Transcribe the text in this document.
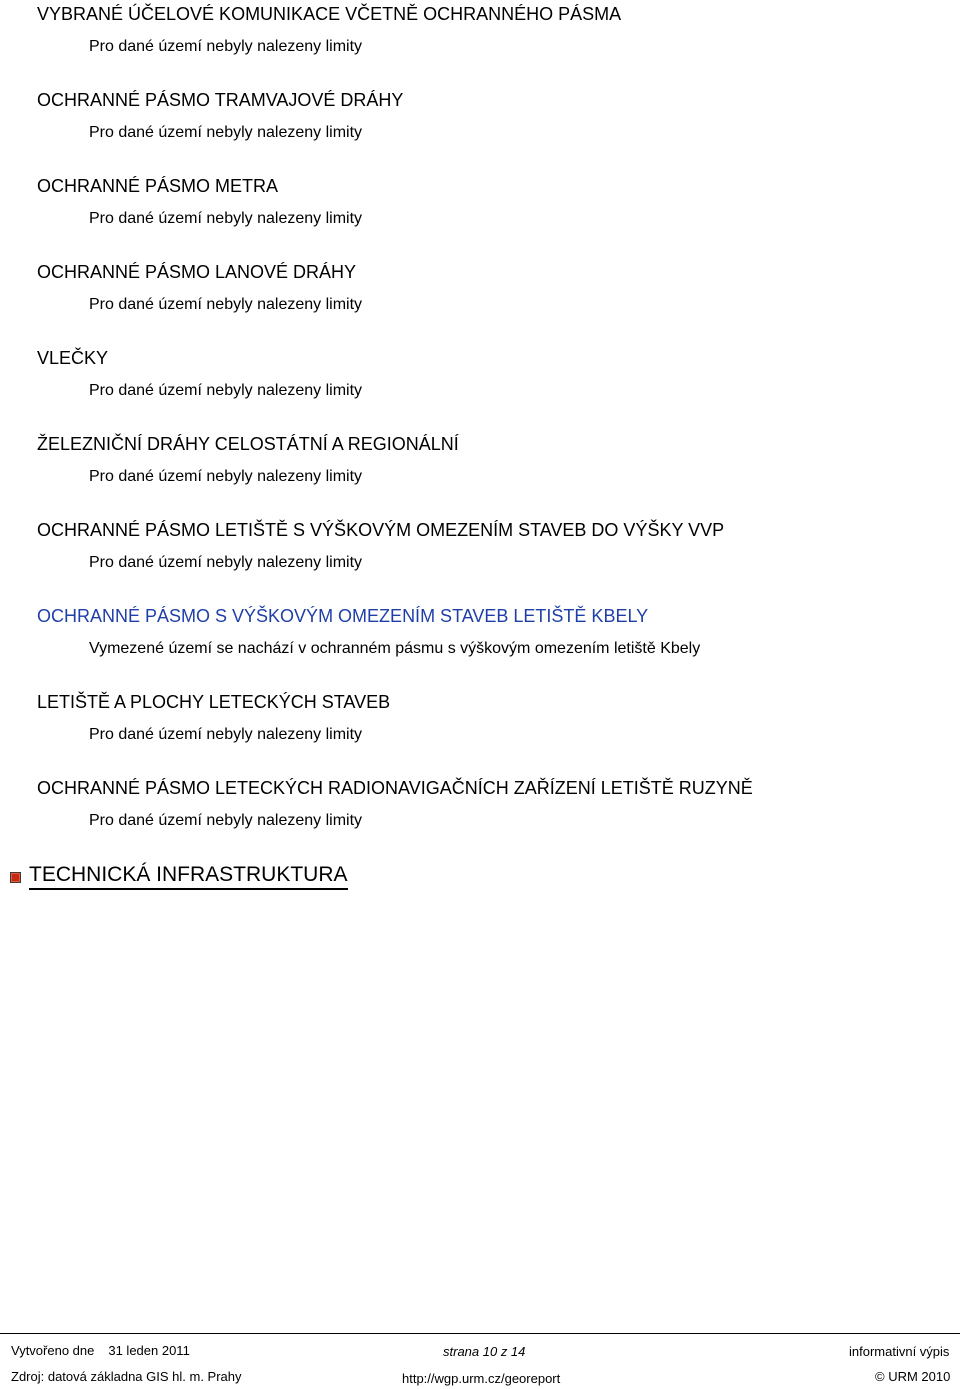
VYBRANÉ ÚČELOVÉ KOMUNIKACE VČETNĚ OCHRANNÉHO PÁSMA
Pro dané území nebyly nalezeny limity
OCHRANNÉ PÁSMO TRAMVAJOVÉ DRÁHY
Pro dané území nebyly nalezeny limity
OCHRANNÉ PÁSMO METRA
Pro dané území nebyly nalezeny limity
OCHRANNÉ PÁSMO LANOVÉ DRÁHY
Pro dané území nebyly nalezeny limity
VLEČKY
Pro dané území nebyly nalezeny limity
ŽELEZNIČNÍ DRÁHY CELOSTÁTNÍ A REGIONÁLNÍ
Pro dané území nebyly nalezeny limity
OCHRANNÉ PÁSMO LETIŠTĚ S VÝŠKOVÝM OMEZENÍM STAVEB DO VÝŠKY VVP
Pro dané území nebyly nalezeny limity
OCHRANNÉ PÁSMO S VÝŠKOVÝM OMEZENÍM STAVEB LETIŠTĚ KBELY
Vymezené území se nachází v ochranném pásmu s výškovým omezením letiště Kbely
LETIŠTĚ A PLOCHY LETECKÝCH STAVEB
Pro dané území nebyly nalezeny limity
OCHRANNÉ PÁSMO LETECKÝCH RADIONAVIGAČNÍCH ZAŘÍZENÍ LETIŠTĚ RUZYNĚ
Pro dané území nebyly nalezeny limity
TECHNICKÁ INFRASTRUKTURA
Vytvořeno dne 31 leden 2011	strana 10 z 14	informativní výpis
Zdroj: datová základna GIS hl. m. Prahy	http://wgp.urm.cz/georeport	© URM 2010
